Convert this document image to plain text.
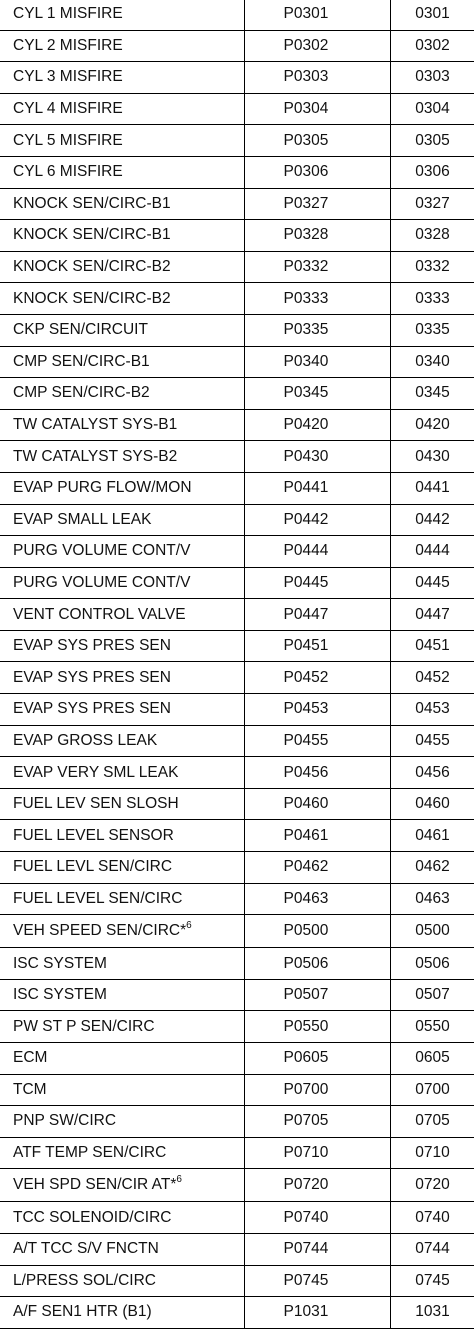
CYL 1 MISFIRE	P0301	0301
CYL 2 MISFIRE	P0302	0302
CYL 3 MISFIRE	P0303	0303
CYL 4 MISFIRE	P0304	0304
CYL 5 MISFIRE	P0305	0305
CYL 6 MISFIRE	P0306	0306
KNOCK SEN/CIRC-B1	P0327	0327
KNOCK SEN/CIRC-B1	P0328	0328
KNOCK SEN/CIRC-B2	P0332	0332
KNOCK SEN/CIRC-B2	P0333	0333
CKP SEN/CIRCUIT	P0335	0335
CMP SEN/CIRC-B1	P0340	0340
CMP SEN/CIRC-B2	P0345	0345
TW CATALYST SYS-B1	P0420	0420
TW CATALYST SYS-B2	P0430	0430
EVAP PURG FLOW/MON	P0441	0441
EVAP SMALL LEAK	P0442	0442
PURG VOLUME CONT/V	P0444	0444
PURG VOLUME CONT/V	P0445	0445
VENT CONTROL VALVE	P0447	0447
EVAP SYS PRES SEN	P0451	0451
EVAP SYS PRES SEN	P0452	0452
EVAP SYS PRES SEN	P0453	0453
EVAP GROSS LEAK	P0455	0455
EVAP VERY SML LEAK	P0456	0456
FUEL LEV SEN SLOSH	P0460	0460
FUEL LEVEL SENSOR	P0461	0461
FUEL LEVL SEN/CIRC	P0462	0462
FUEL LEVEL SEN/CIRC	P0463	0463
VEH SPEED SEN/CIRC*$^6$	P0500	0500
ISC SYSTEM	P0506	0506
ISC SYSTEM	P0507	0507
PW ST P SEN/CIRC	P0550	0550
ECM	P0605	0605
TCM	P0700	0700
PNP SW/CIRC	P0705	0705
ATF TEMP SEN/CIRC	P0710	0710
VEH SPD SEN/CIR AT*$^6$	P0720	0720
TCC SOLENOID/CIRC	P0740	0740
A/T TCC S/V FNCTN	P0744	0744
L/PRESS SOL/CIRC	P0745	0745
A/F SEN1 HTR (B1)	P1031	1031
